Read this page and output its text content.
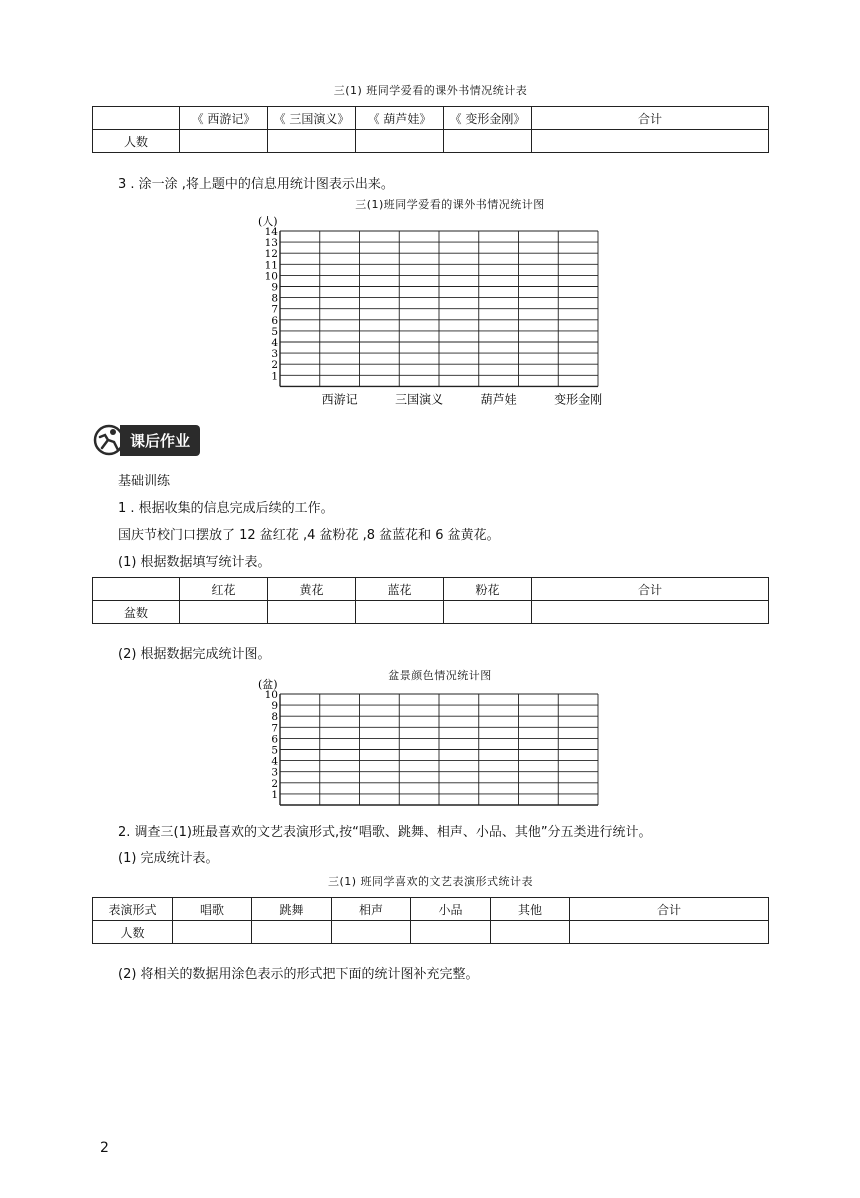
三(1) 班同学爱看的课外书情况统计表
	《 西游记》	《 三国演义》	《 葫芦娃》	《 变形金刚》	合计
人数					
3 . 涂一涂 ,将上题中的信息用统计图表示出来。
三(1)班同学爱看的课外书情况统计图
(人)
1
2
3
4
5
6
7
8
9
10
11
12
13
14
西游记	三国演义	葫芦娃	变形金刚
课后作业
基础训练
1 . 根据收集的信息完成后续的工作。
国庆节校门口摆放了 12 盆红花 ,4 盆粉花 ,8 盆蓝花和 6 盆黄花。
(1) 根据数据填写统计表。
	红花	黄花	蓝花	粉花	合计
盆数					
(2) 根据数据完成统计图。
盆景颜色情况统计图
(盆)
1
2
3
4
5
6
7
8
9
10
2. 调查三(1)班最喜欢的文艺表演形式,按“唱歌、跳舞、相声、小品、其他”分五类进行统计。
(1) 完成统计表。
三(1) 班同学喜欢的文艺表演形式统计表
表演形式	唱歌	跳舞	相声	小品	其他	合计
人数						
(2) 将相关的数据用涂色表示的形式把下面的统计图补充完整。
2
